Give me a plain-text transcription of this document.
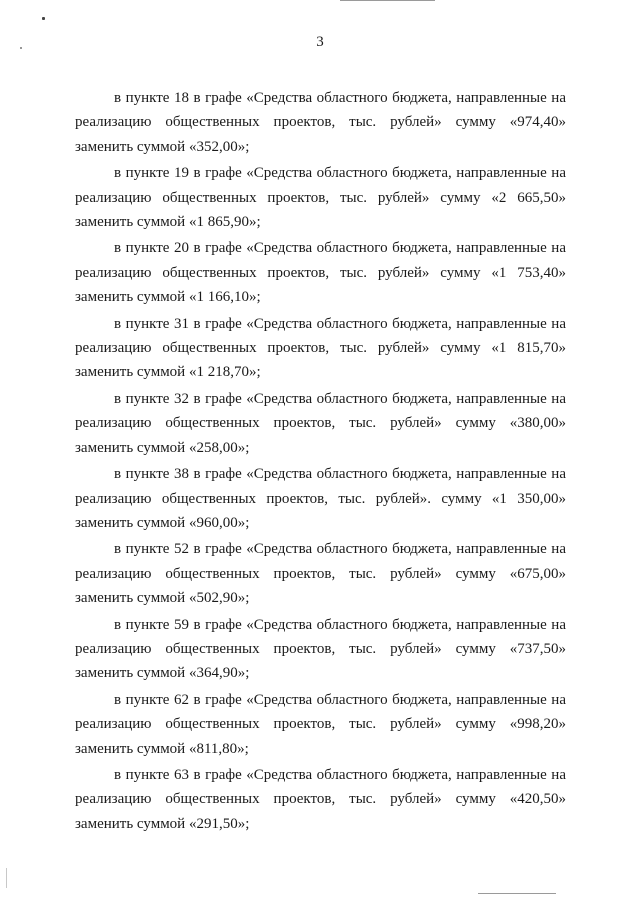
3
в пункте 18 в графе «Средства областного бюджета, направленные на
реализацию общественных проектов, тыс. рублей» сумму «974,40»
заменить суммой «352,00»;
в пункте 19 в графе «Средства областного бюджета, направленные на
реализацию общественных проектов, тыс. рублей» сумму «2 665,50»
заменить суммой «1 865,90»;
в пункте 20 в графе «Средства областного бюджета, направленные на
реализацию общественных проектов, тыс. рублей» сумму «1 753,40»
заменить суммой «1 166,10»;
в пункте 31 в графе «Средства областного бюджета, направленные на
реализацию общественных проектов, тыс. рублей» сумму «1 815,70»
заменить суммой «1 218,70»;
в пункте 32 в графе «Средства областного бюджета, направленные на
реализацию общественных проектов, тыс. рублей» сумму «380,00»
заменить суммой «258,00»;
в пункте 38 в графе «Средства областного бюджета, направленные на
реализацию общественных проектов, тыс. рублей». сумму «1 350,00»
заменить суммой «960,00»;
в пункте 52 в графе «Средства областного бюджета, направленные на
реализацию общественных проектов, тыс. рублей» сумму «675,00»
заменить суммой «502,90»;
в пункте 59 в графе «Средства областного бюджета, направленные на
реализацию общественных проектов, тыс. рублей» сумму «737,50»
заменить суммой «364,90»;
в пункте 62 в графе «Средства областного бюджета, направленные на
реализацию общественных проектов, тыс. рублей» сумму «998,20»
заменить суммой «811,80»;
в пункте 63 в графе «Средства областного бюджета, направленные на
реализацию общественных проектов, тыс. рублей» сумму «420,50»
заменить суммой «291,50»;
